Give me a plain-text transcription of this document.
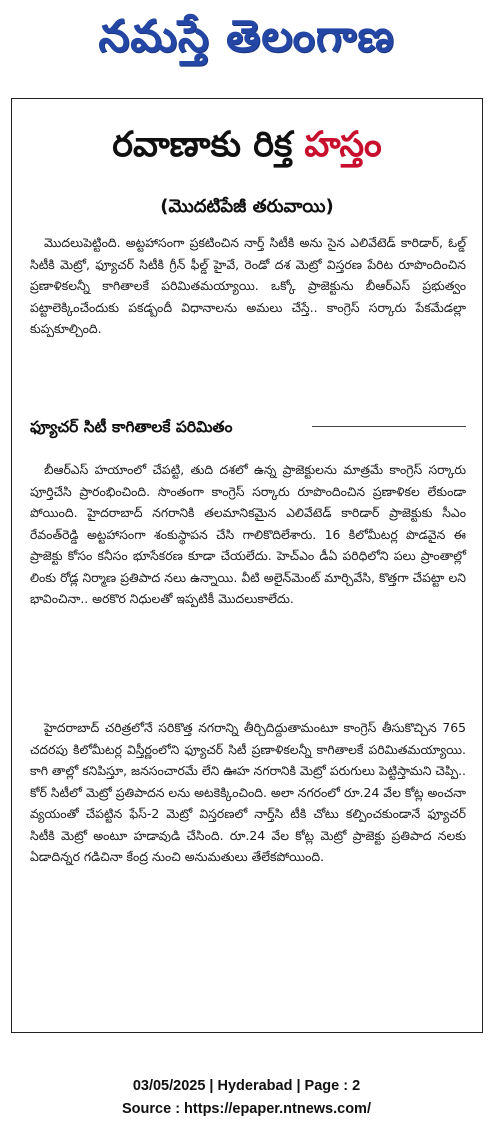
నమస్తే తెలంగాణ
రవాణాకు రిక్త హస్తం
(మొదటిపేజీ తరువాయి)

మొదలుపెట్టింది. అట్టహాసంగా ప్రకటించిన నార్త్ సిటీకి అను సైన ఎలివేటెడ్ కారిడార్, ఓల్డ్ సిటీకి మెట్రో, ఫ్యూచర్ సిటీకి గ్రీన్ ఫీల్డ్ హైవే, రెండో దశ మెట్రో విస్తరణ పేరిట రూపొందించిన ప్రణాళికలన్నీ కాగితాలకే పరిమితమయ్యాయి. ఒక్కో ప్రాజెక్టును బీఆర్ఎస్ ప్రభుత్వం పట్టాలెక్కించేందుకు పకడ్బందీ విధానాలను అమలు చేస్తే.. కాంగ్రెస్ సర్కారు పేకమేడల్లా కుప్పకూల్చింది.

ఫ్యూచర్ సిటీ కాగితాలకే పరిమితం

బీఆర్ఎస్ హయాంలో చేపట్టి, తుది దశలో ఉన్న ప్రాజెక్టులను మాత్రమే కాంగ్రెస్ సర్కారు పూర్తిచేసి ప్రారంభించింది. సొంతంగా కాంగ్రెస్ సర్కారు రూపొందించిన ప్రణాళికల లేకుండా పోయింది. హైదరాబాద్ నగరానికి తలమానికమైన ఎలివేటెడ్ కారిడార్ ప్రాజెక్టుకు సీఎం రేవంత్‌రెడ్డి అట్టహాసంగా శంకుస్థాపన చేసి గాలికొదిలేశారు. 16 కిలోమీటర్ల పొడవైన ఈ ప్రాజెక్టు కోసం కనీసం భూసేకరణ కూడా చేయలేదు. హెచ్ఎం డీఏ పరిధిలోని పలు ప్రాంతాల్లో లింకు రోడ్ల నిర్మాణ ప్రతిపాద నలు ఉన్నాయి. వీటి అలైన్‌మెంట్ మార్చివేసి, కొత్తగా చేపట్టా లని భావించినా.. అరకొర నిధులతో ఇప్పటికీ మొదలుకాలేదు.

హైదరాబాద్ చరిత్రలోనే సరికొత్త నగరాన్ని తీర్చిదిద్దుతామంటూ కాంగ్రెస్ తీసుకొచ్చిన 765 చదరపు కిలోమీటర్ల విస్తీర్ణంలోని ఫ్యూచర్ సిటీ ప్రణాళికలన్నీ కాగితాలకే పరిమితమయ్యాయి. కాగి తాల్లో కనిపిస్తూ, జనసంచారమే లేని ఊహ నగరానికి మెట్రో పరుగులు పెట్టిస్తామని చెప్పి.. కోర్ సిటీలో మెట్రో ప్రతిపాదన లను అటకెక్కించింది. అలా నగరంలో రూ.24 వేల కోట్ల అంచనా వ్యయంతో చేపట్టిన ఫేస్-2 మెట్రో విస్తరణలో నార్త్‌సి టీకి చోటు కల్పించకుండానే ఫ్యూచర్ సిటీకి మెట్రో అంటూ హడావుడి చేసింది. రూ.24 వేల కోట్ల మెట్రో ప్రాజెక్టు ప్రతిపాద నలకు ఏడాదిన్నర గడిచినా కేంద్ర నుంచి అనుమతులు తేలేకపోయింది.

03/05/2025 | Hyderabad | Page : 2
Source : https://epaper.ntnews.com/
